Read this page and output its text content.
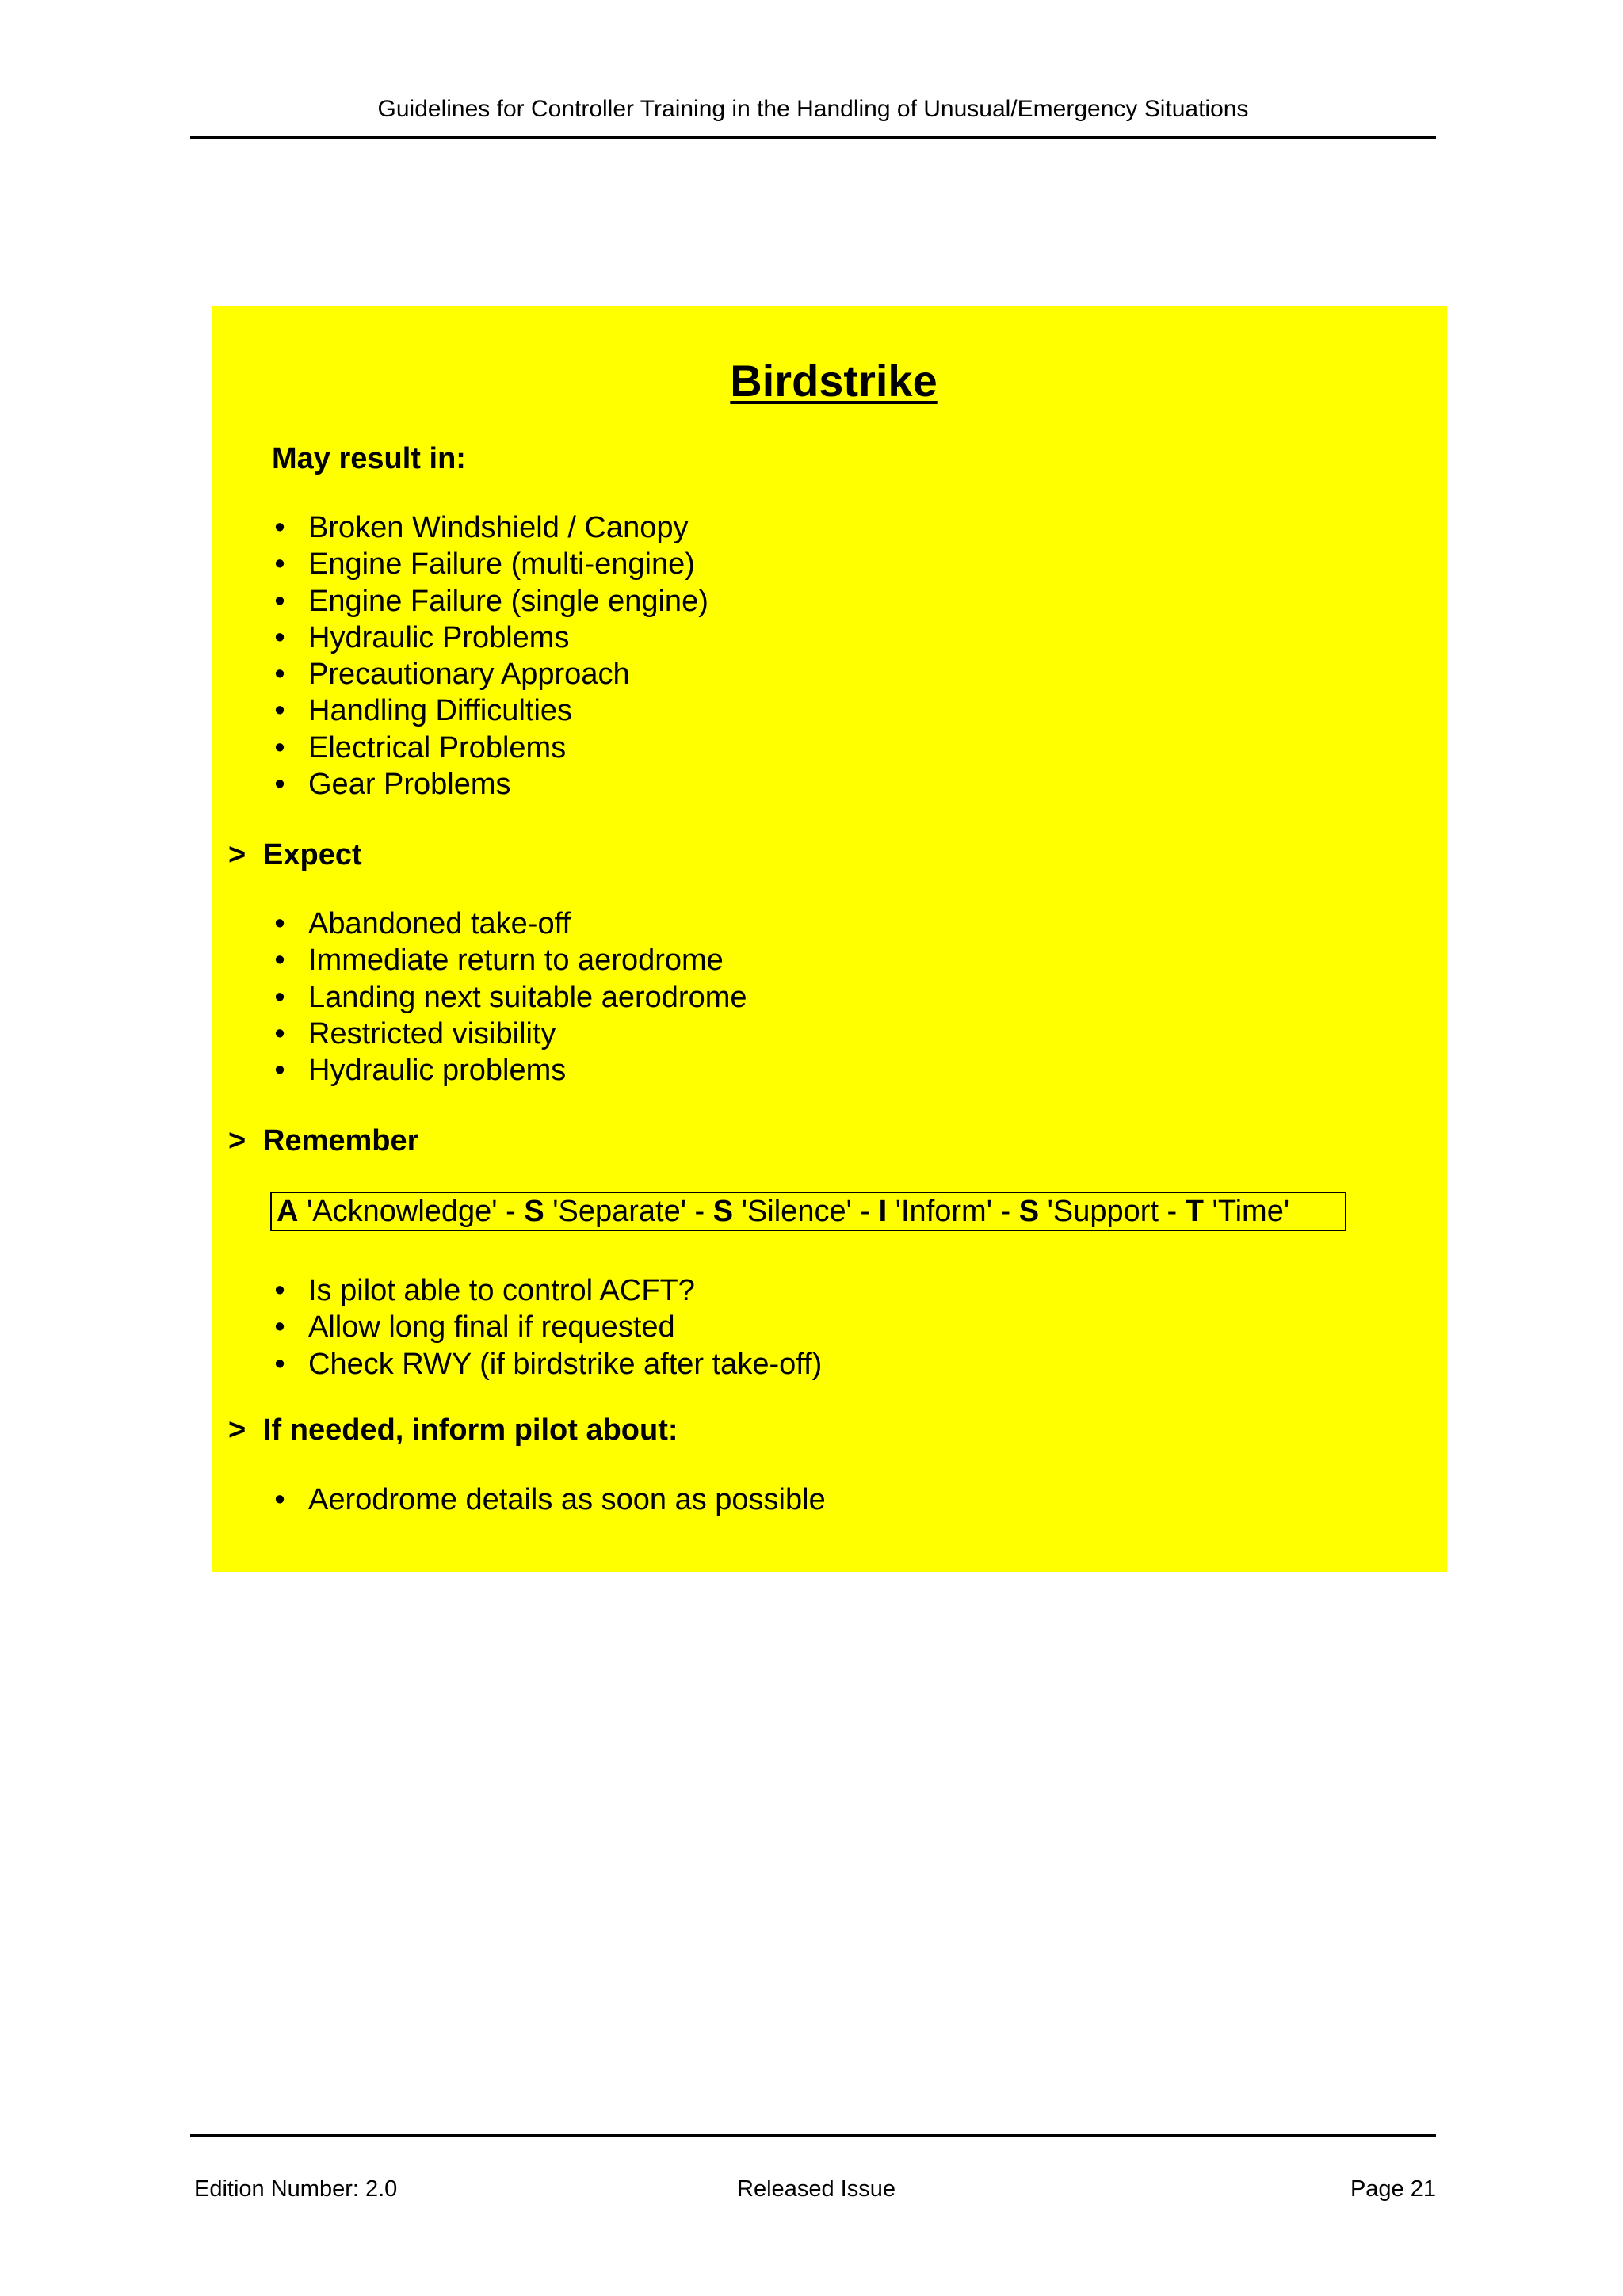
Guidelines for Controller Training in the Handling of Unusual/Emergency Situations
Birdstrike
May result in:
• Broken Windshield / Canopy
• Engine Failure (multi-engine)
• Engine Failure (single engine)
• Hydraulic Problems
• Precautionary Approach
• Handling Difficulties
• Electrical Problems
• Gear Problems
> Expect
• Abandoned take-off
• Immediate return to aerodrome
• Landing next suitable aerodrome
• Restricted visibility
• Hydraulic problems
> Remember
A 'Acknowledge' - S 'Separate' - S 'Silence' - I 'Inform' - S 'Support - T 'Time'
• Is pilot able to control ACFT?
• Allow long final if requested
• Check RWY (if birdstrike after take-off)
> If needed, inform pilot about:
• Aerodrome details as soon as possible
Edition Number: 2.0	Released Issue	Page 21
